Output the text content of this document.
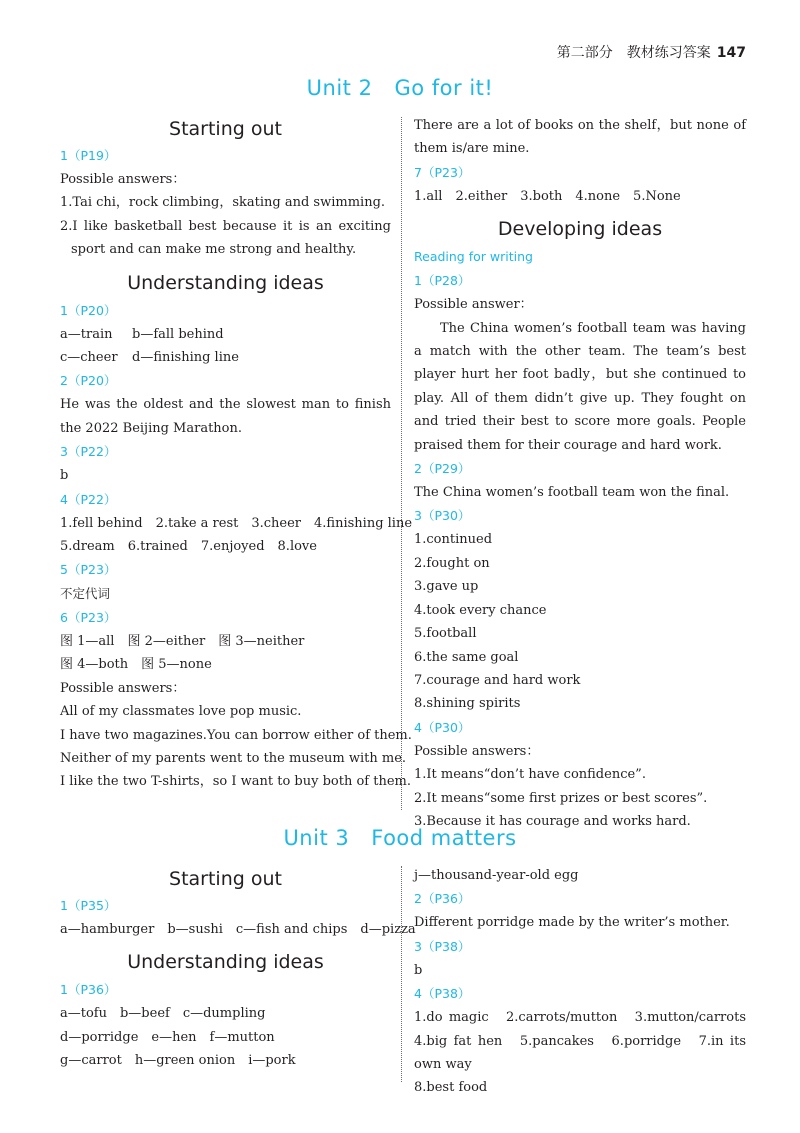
第二部分　教材练习答案 147
Unit 2 Go for it!
Starting out
1（P19）
Possible answers：
1.Tai chi，rock climbing，skating and swimming.
2.I like basketball best because it is an exciting sport and can make me strong and healthy.
Understanding ideas
1（P20）
a—train b—fall behind
c—cheer d—finishing line
2（P20）
He was the oldest and the slowest man to finish the 2022 Beijing Marathon.
3（P22）
b
4（P22）
1.fell behind　2.take a rest　3.cheer　4.finishing line
5.dream　6.trained　7.enjoyed　8.love
5（P23）
不定代词
6（P23）
图 1—all　图 2—either　图 3—neither
图 4—both　图 5—none
Possible answers：
All of my classmates love pop music.
I have two magazines.You can borrow either of them.
Neither of my parents went to the museum with me.
I like the two T-shirts，so I want to buy both of them.
There are a lot of books on the shelf，but none of them is/are mine.
7（P23）
1.all　2.either　3.both　4.none　5.None
Developing ideas
Reading for writing
1（P28）
Possible answer：
The China women’s football team was having a match with the other team. The team’s best player hurt her foot badly，but she continued to play. All of them didn’t give up. They fought on and tried their best to score more goals. People praised them for their courage and hard work.
2（P29）
The China women’s football team won the final.
3（P30）
1.continued
2.fought on
3.gave up
4.took every chance
5.football
6.the same goal
7.courage and hard work
8.shining spirits
4（P30）
Possible answers：
1.It means“don’t have confidence”.
2.It means“some first prizes or best scores”.
3.Because it has courage and works hard.
Unit 3 Food matters
Starting out
1（P35）
a—hamburger　b—sushi　c—fish and chips　d—pizza
Understanding ideas
1（P36）
a—tofu　b—beef　c—dumpling
d—porridge　e—hen　f—mutton
g—carrot　h—green onion　i—pork
j—thousand-year-old egg
2（P36）
Different porridge made by the writer’s mother.
3（P38）
b
4（P38）
1.do magic　2.carrots/mutton　3.mutton/carrots　4.big fat hen　5.pancakes　6.porridge　7.in its own way
8.best food
